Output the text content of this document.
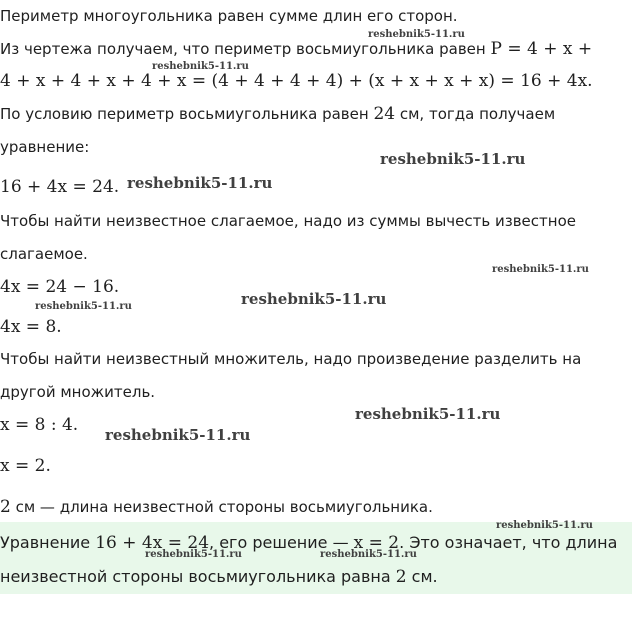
Периметр многоугольника равен сумме длин его сторон.
Из чертежа получаем, что периметр восьмиугольника равен P = 4 + x +
4 + x + 4 + x + 4 + x = (4 + 4 + 4 + 4) + (x + x + x + x) = 16 + 4x.
По условию периметр восьмиугольника равен 24 см, тогда получаем
уравнение:
16 + 4x = 24.
Чтобы найти неизвестное слагаемое, надо из суммы вычесть известное
слагаемое.
4x = 24 − 16.
4x = 8.
Чтобы найти неизвестный множитель, надо произведение разделить на
другой множитель.
x = 8 : 4.
x = 2.
2 см — длина неизвестной стороны восьмиугольника.
Уравнение 16 + 4x = 24, его решение — x = 2. Это означает, что длина
неизвестной стороны восьмиугольника равна 2 см.
reshebnik5-11.ru
reshebnik5-11.ru
reshebnik5-11.ru
reshebnik5-11.ru
reshebnik5-11.ru
reshebnik5-11.ru
reshebnik5-11.ru
reshebnik5-11.ru
reshebnik5-11.ru
reshebnik5-11.ru
reshebnik5-11.ru	reshebnik5-11.ru
